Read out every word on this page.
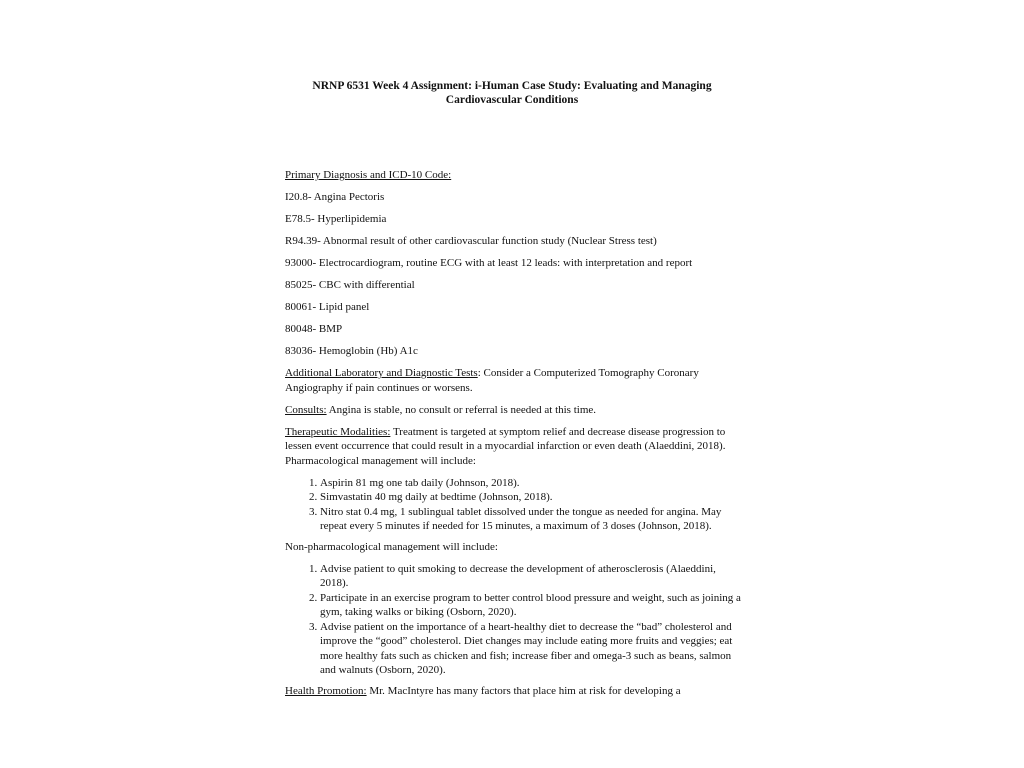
NRNP 6531 Week 4 Assignment: i-Human Case Study: Evaluating and Managing
Cardiovascular Conditions

Primary Diagnosis and ICD-10 Code:

I20.8- Angina Pectoris

E78.5- Hyperlipidemia

R94.39- Abnormal result of other cardiovascular function study (Nuclear Stress test)

93000- Electrocardiogram, routine ECG with at least 12 leads: with interpretation and report

85025- CBC with differential

80061- Lipid panel

80048- BMP

83036- Hemoglobin (Hb) A1c

Additional Laboratory and Diagnostic Tests: Consider a Computerized Tomography Coronary Angiography if pain continues or worsens.

Consults: Angina is stable, no consult or referral is needed at this time.

Therapeutic Modalities: Treatment is targeted at symptom relief and decrease disease progression to lessen event occurrence that could result in a myocardial infarction or even death (Alaeddini, 2018). Pharmacological management will include:

1. Aspirin 81 mg one tab daily (Johnson, 2018).
2. Simvastatin 40 mg daily at bedtime (Johnson, 2018).
3. Nitro stat 0.4 mg, 1 sublingual tablet dissolved under the tongue as needed for angina. May repeat every 5 minutes if needed for 15 minutes, a maximum of 3 doses (Johnson, 2018).

Non-pharmacological management will include:

1. Advise patient to quit smoking to decrease the development of atherosclerosis (Alaeddini, 2018).
2. Participate in an exercise program to better control blood pressure and weight, such as joining a gym, taking walks or biking (Osborn, 2020).
3. Advise patient on the importance of a heart-healthy diet to decrease the “bad” cholesterol and improve the “good” cholesterol. Diet changes may include eating more fruits and veggies; eat more healthy fats such as chicken and fish; increase fiber and omega-3 such as beans, salmon and walnuts (Osborn, 2020).

Health Promotion: Mr. MacIntyre has many factors that place him at risk for developing a
